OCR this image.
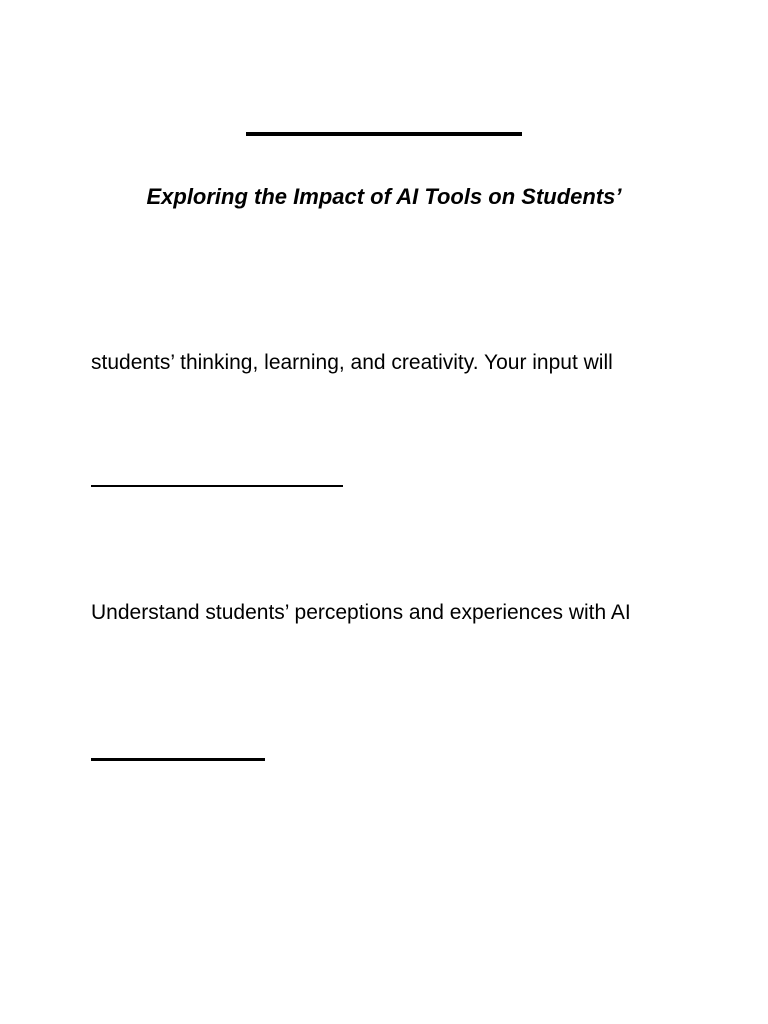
Exploring the Impact of AI Tools on Students’
students’ thinking, learning, and creativity. Your input will
Understand students’ perceptions and experiences with AI
